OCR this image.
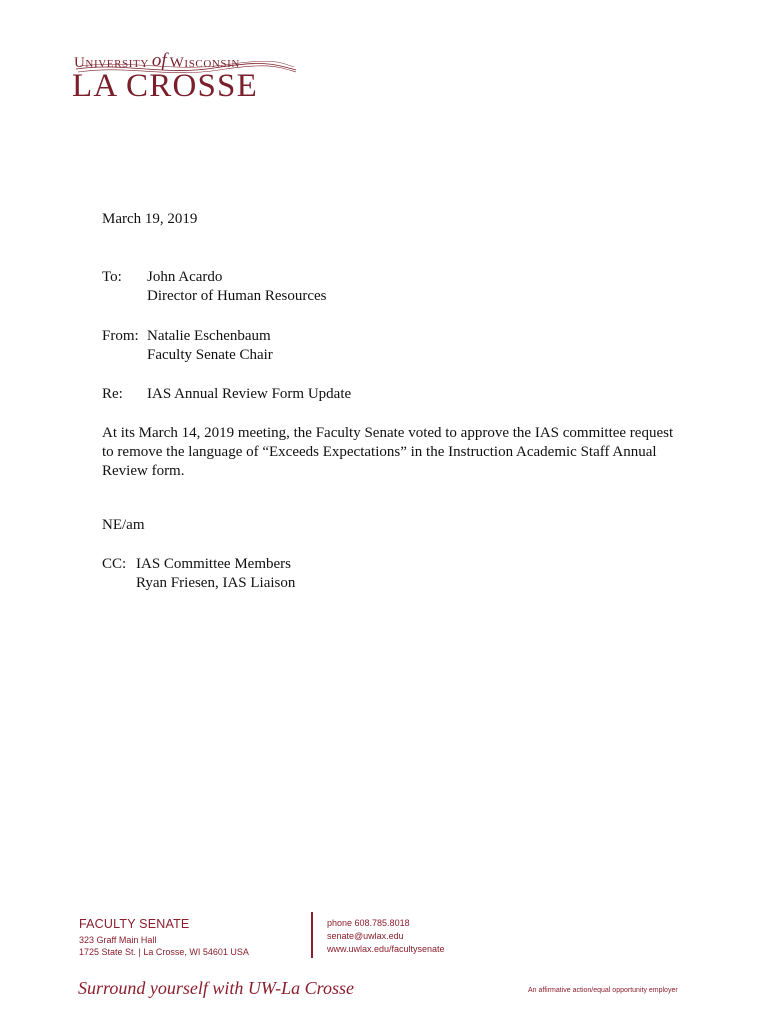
University of Wisconsin
LA CROSSE
March 19, 2019
To: John Acardo
Director of Human Resources
From: Natalie Eschenbaum
Faculty Senate Chair
Re: IAS Annual Review Form Update
At its March 14, 2019 meeting, the Faculty Senate voted to approve the IAS committee request to remove the language of “Exceeds Expectations” in the Instruction Academic Staff Annual Review form.
NE/am
CC: IAS Committee Members
Ryan Friesen, IAS Liaison
FACULTY SENATE
323 Graff Main Hall
1725 State St. | La Crosse, WI 54601 USA
phone 608.785.8018
senate@uwlax.edu
www.uwlax.edu/facultysenate
Surround yourself with UW-La Crosse	An affirmative action/equal opportunity employer
